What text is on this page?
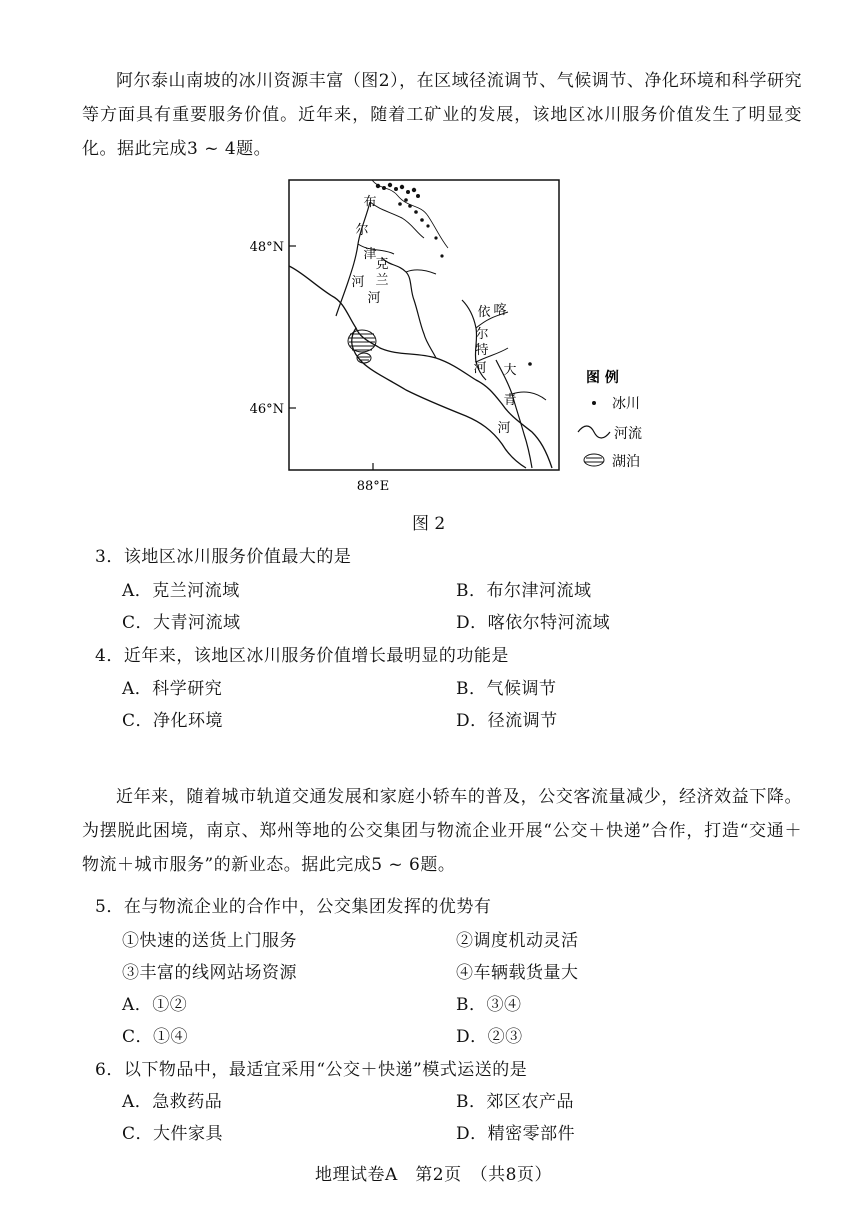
阿尔泰山南坡的冰川资源丰富（图2），在区域径流调节、气候调节、净化环境和科学研究等方面具有重要服务价值。近年来，随着工矿业的发展，该地区冰川服务价值发生了明显变化。据此完成3 ~ 4题。

48°N
46°N
88°E
布
尔
津
河
克
兰
河
喀
依
尔
特
河 大
青
河
图 例
冰川
河流
湖泊

图 2

3．该地区冰川服务价值最大的是

A．克兰河流域	B．布尔津河流域

C．大青河流域	D．喀依尔特河流域

4．近年来，该地区冰川服务价值增长最明显的功能是

A．科学研究	B．气候调节

C．净化环境	D．径流调节

近年来，随着城市轨道交通发展和家庭小轿车的普及，公交客流量减少，经济效益下降。为摆脱此困境，南京、郑州等地的公交集团与物流企业开展“公交＋快递”合作，打造“交通＋物流＋城市服务”的新业态。据此完成5 ~ 6题。

5．在与物流企业的合作中，公交集团发挥的优势有

①快速的送货上门服务	②调度机动灵活

③丰富的线网站场资源	④车辆载货量大

A．①②	B．③④

C．①④	D．②③

6．以下物品中，最适宜采用“公交＋快递”模式运送的是

A．急救药品	B．郊区农产品

C．大件家具	D．精密零部件

地理试卷A　第2页　（共8页）
